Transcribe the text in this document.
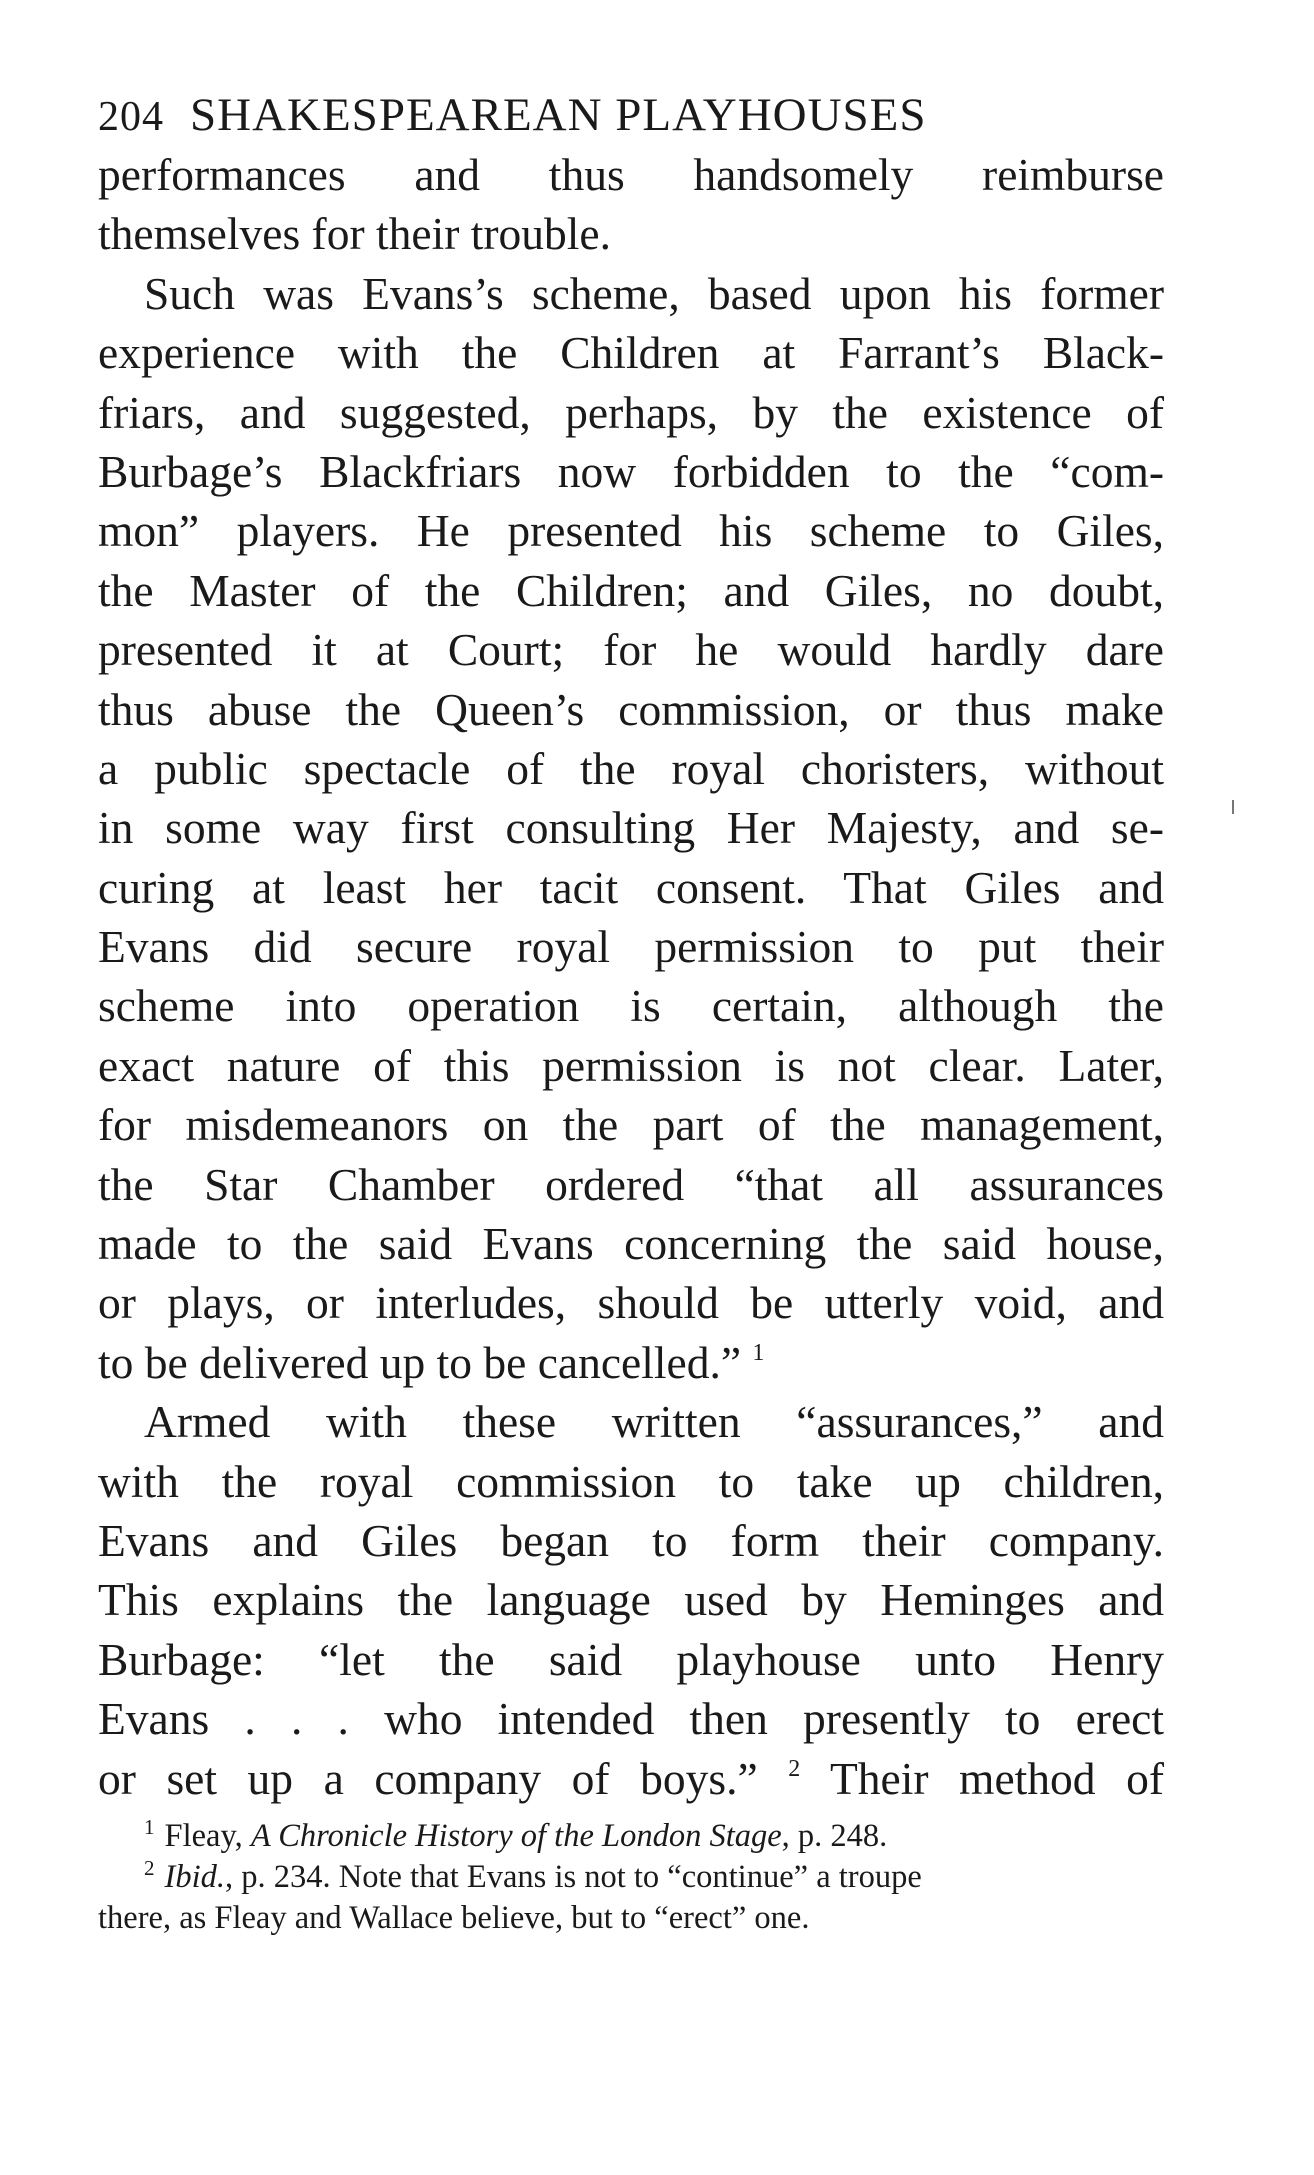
204 SHAKESPEAREAN PLAYHOUSES
performances and thus handsomely reimburse
themselves for their trouble.
Such was Evans’s scheme, based upon his former
experience with the Children at Farrant’s Black-
friars, and suggested, perhaps, by the existence of
Burbage’s Blackfriars now forbidden to the “com-
mon” players. He presented his scheme to Giles,
the Master of the Children; and Giles, no doubt,
presented it at Court; for he would hardly dare
thus abuse the Queen’s commission, or thus make
a public spectacle of the royal choristers, without
in some way first consulting Her Majesty, and se-
curing at least her tacit consent. That Giles and
Evans did secure royal permission to put their
scheme into operation is certain, although the
exact nature of this permission is not clear. Later,
for misdemeanors on the part of the management,
the Star Chamber ordered “that all assurances
made to the said Evans concerning the said house,
or plays, or interludes, should be utterly void, and
to be delivered up to be cancelled.” $^1$
Armed with these written “assurances,” and
with the royal commission to take up children,
Evans and Giles began to form their company.
This explains the language used by Heminges and
Burbage: “let the said playhouse unto Henry
Evans . . . who intended then presently to erect
or set up a company of boys.” $^2$ Their method of
$^1$ Fleay, A Chronicle History of the London Stage, p. 248.
$^2$ Ibid., p. 234. Note that Evans is not to “continue” a troupe
there, as Fleay and Wallace believe, but to “erect” one.
